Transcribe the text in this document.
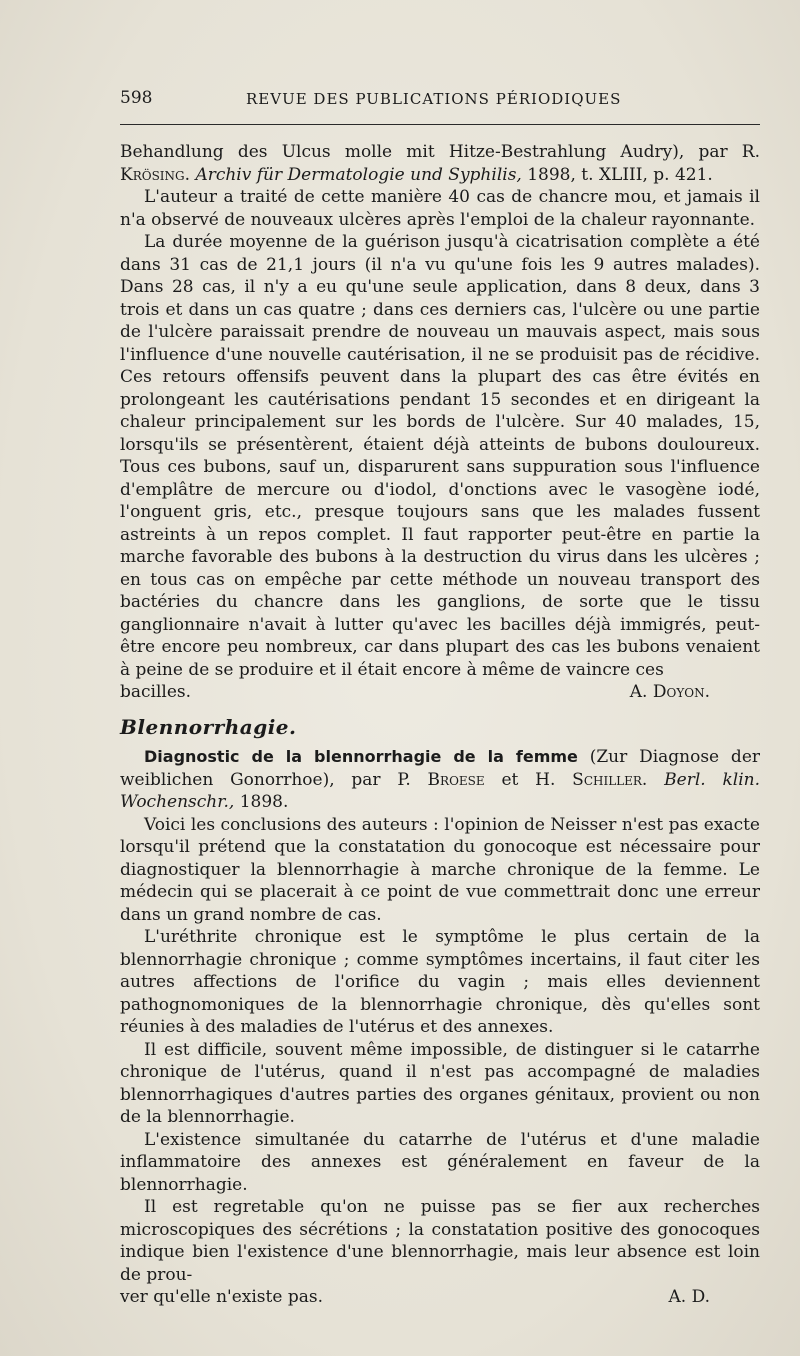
598	REVUE DES PUBLICATIONS PÉRIODIQUES

Behandlung des Ulcus molle mit Hitze-Bestrahlung Audry), par R. Krösing. Archiv für Dermatologie und Syphilis, 1898, t. XLIII, p. 421.

L'auteur a traité de cette manière 40 cas de chancre mou, et jamais il n'a observé de nouveaux ulcères après l'emploi de la chaleur rayonnante.

La durée moyenne de la guérison jusqu'à cicatrisation complète a été dans 31 cas de 21,1 jours (il n'a vu qu'une fois les 9 autres malades). Dans 28 cas, il n'y a eu qu'une seule application, dans 8 deux, dans 3 trois et dans un cas quatre ; dans ces derniers cas, l'ulcère ou une partie de l'ulcère paraissait prendre de nouveau un mauvais aspect, mais sous l'influence d'une nouvelle cautérisation, il ne se produisit pas de récidive. Ces retours offensifs peuvent dans la plupart des cas être évités en prolongeant les cautérisations pendant 15 secondes et en dirigeant la chaleur principalement sur les bords de l'ulcère. Sur 40 malades, 15, lorsqu'ils se présentèrent, étaient déjà atteints de bubons douloureux. Tous ces bubons, sauf un, disparurent sans suppuration sous l'influence d'emplâtre de mercure ou d'iodol, d'onctions avec le vasogène iodé, l'onguent gris, etc., presque toujours sans que les malades fussent astreints à un repos complet. Il faut rapporter peut-être en partie la marche favorable des bubons à la destruction du virus dans les ulcères ; en tous cas on empêche par cette méthode un nouveau transport des bactéries du chancre dans les ganglions, de sorte que le tissu ganglionnaire n'avait à lutter qu'avec les bacilles déjà immigrés, peut-être encore peu nombreux, car dans plupart des cas les bubons venaient à peine de se produire et il était encore à même de vaincre ces

bacilles.	A. Doyon.
Blennorrhagie.

Diagnostic de la blennorrhagie de la femme (Zur Diagnose der weiblichen Gonorrhoe), par P. Broese et H. Schiller. Berl. klin. Wochenschr., 1898.

Voici les conclusions des auteurs : l'opinion de Neisser n'est pas exacte lorsqu'il prétend que la constatation du gonocoque est nécessaire pour diagnostiquer la blennorrhagie à marche chronique de la femme. Le médecin qui se placerait à ce point de vue commettrait donc une erreur dans un grand nombre de cas.

L'uréthrite chronique est le symptôme le plus certain de la blennorrhagie chronique ; comme symptômes incertains, il faut citer les autres affections de l'orifice du vagin ; mais elles deviennent pathognomoniques de la blennorrhagie chronique, dès qu'elles sont réunies à des maladies de l'utérus et des annexes.

Il est difficile, souvent même impossible, de distinguer si le catarrhe chronique de l'utérus, quand il n'est pas accompagné de maladies blennorrhagiques d'autres parties des organes génitaux, provient ou non de la blennorrhagie.

L'existence simultanée du catarrhe de l'utérus et d'une maladie inflammatoire des annexes est généralement en faveur de la blennorrhagie.

Il est regretable qu'on ne puisse pas se fier aux recherches microscopiques des sécrétions ; la constatation positive des gonocoques indique bien l'existence d'une blennorrhagie, mais leur absence est loin de prou-

ver qu'elle n'existe pas.	A. D.
